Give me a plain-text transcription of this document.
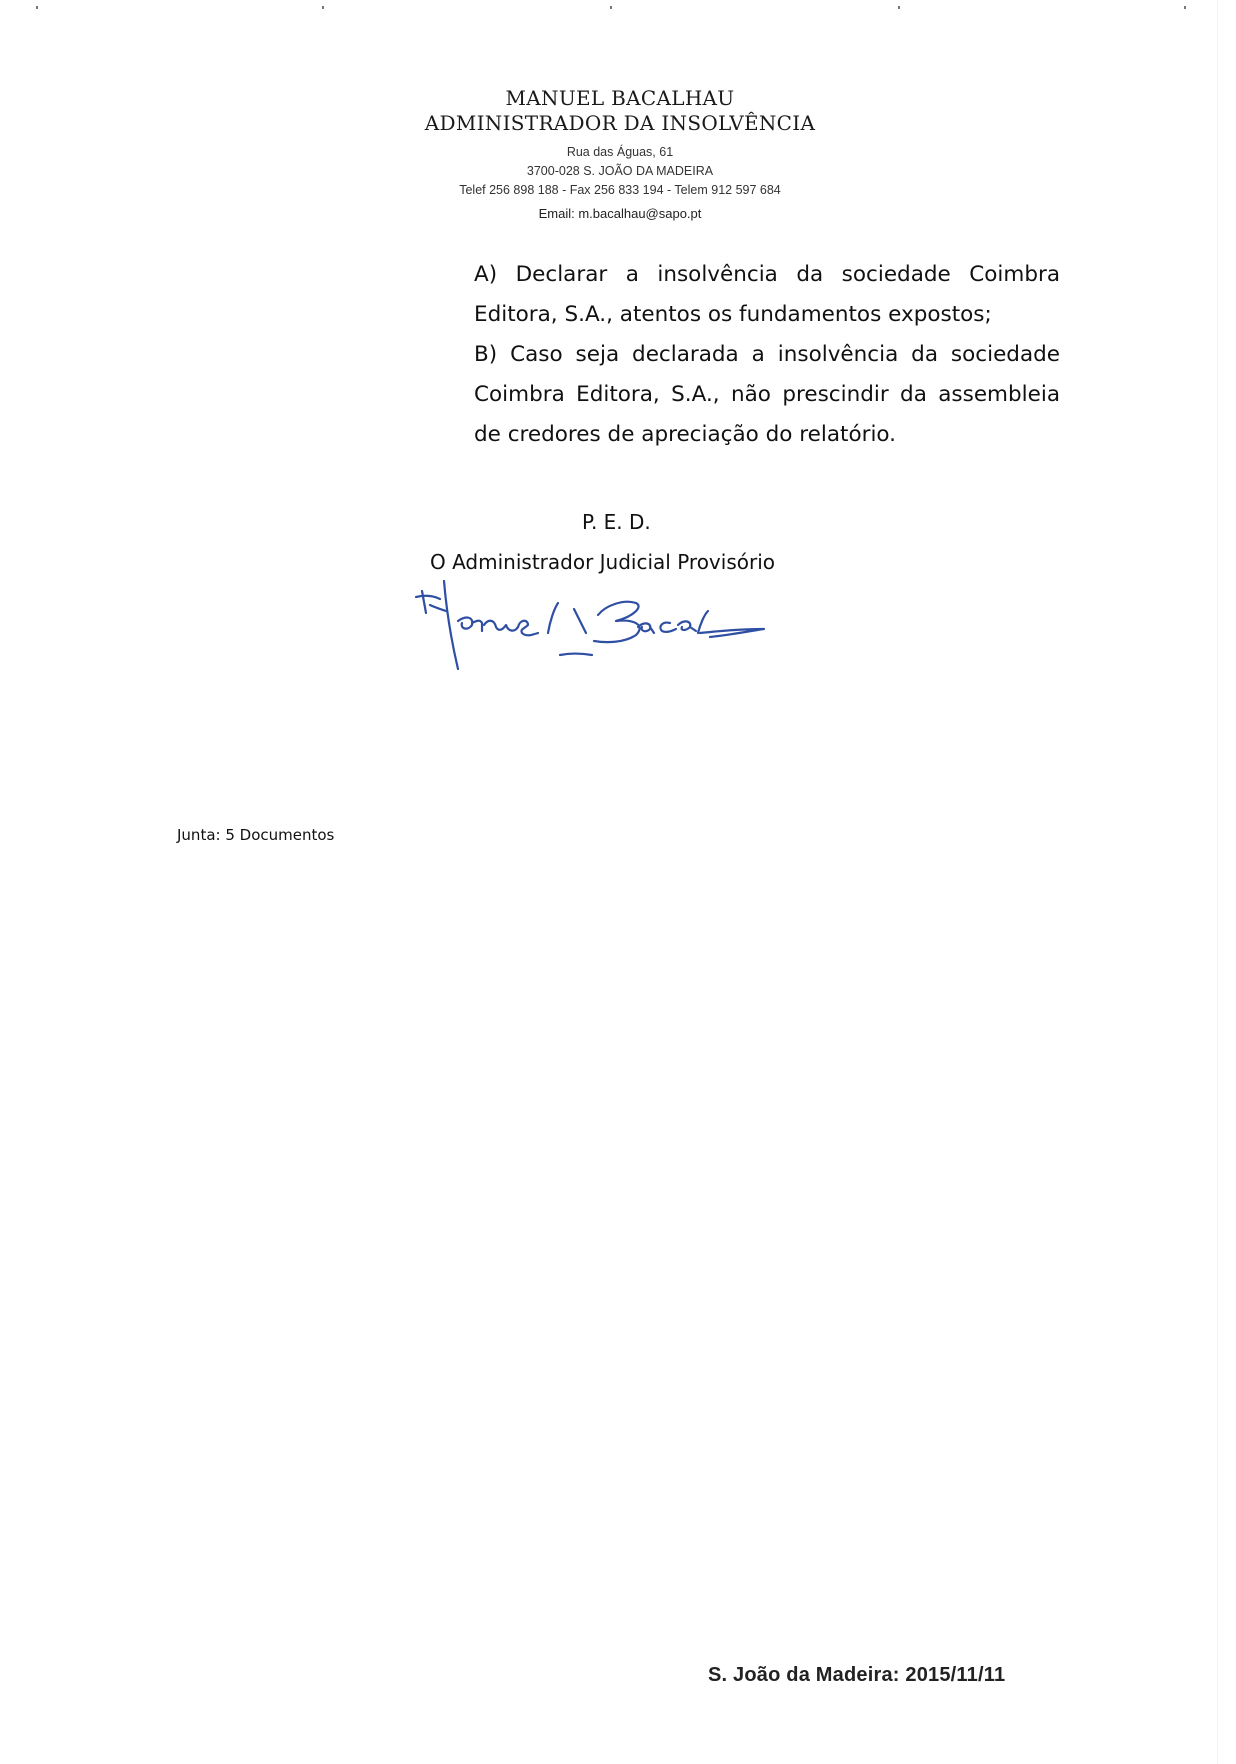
MANUEL BACALHAU
ADMINISTRADOR DA INSOLVÊNCIA
Rua das Águas, 61
3700-028 S. JOÃO DA MADEIRA
Telef 256 898 188 - Fax 256 833 194 - Telem 912 597 684
Email: m.bacalhau@sapo.pt

A) Declarar a insolvência da sociedade Coimbra Editora, S.A., atentos os fundamentos expostos;

B) Caso seja declarada a insolvência da sociedade Coimbra Editora, S.A., não prescindir da assembleia de credores de apreciação do relatório.

P. E. D.
O Administrador Judicial Provisório
Junta: 5 Documentos
S. João da Madeira: 2015/11/11
